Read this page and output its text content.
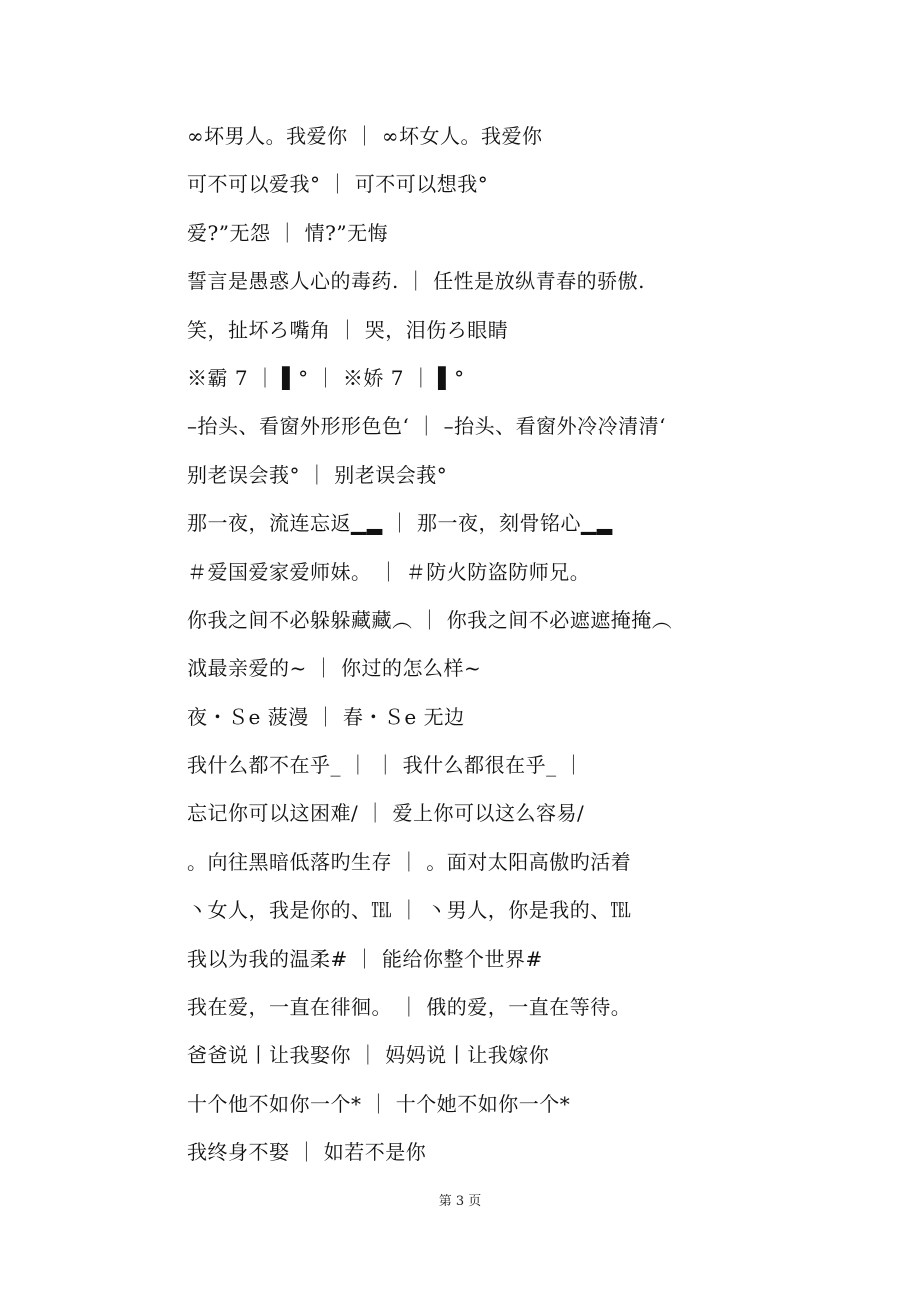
∞坏男人。我爱你 ｜ ∞坏女人。我爱你
可不可以爱我° ｜ 可不可以想我°
爱?”无怨 ｜ 情?”无悔
誓言是愚惑人心的毒药. ｜ 任性是放纵青春的骄傲.
笑，扯坏ろ嘴角 ｜ 哭，泪伤ろ眼睛
※霸 7 ｜ ▌° ｜ ※娇 7 ｜ ▌°
–抬头、看窗外形形色色‘ ｜ –抬头、看窗外冷冷清清‘
别老误会莪° ｜ 别老误会莪°
那一夜，流连忘返▁▂ ｜ 那一夜，刻骨铭心▁▂
＃爱国爱家爱师妹。 ｜ ＃防火防盗防师兄。
你我之间不必躲躲藏藏︵ ｜ 你我之间不必遮遮掩掩︵
泧最亲爱的~ ｜ 你过的怎么样~
夜・Ｓe 菠漫 ｜ 春・Ｓe 无边
我什么都不在乎_ ｜ ｜ 我什么都很在乎_ ｜
忘记你可以这困难/ ｜ 爱上你可以这么容易/
。向往黑暗低落旳生存 ｜ 。面对太阳高傲旳活着
丶女人，我是你的、℡ ｜ 丶男人，你是我的、℡
我以为我的温柔# ｜ 能给你整个世界#
我在爱，一直在徘徊。 ｜ 俄的爱，一直在等待。
爸爸说丨让我娶你 ｜ 妈妈说丨让我嫁你
十个他不如你一个* ｜ 十个她不如你一个*
我终身不娶 ｜ 如若不是你
第 3 页
